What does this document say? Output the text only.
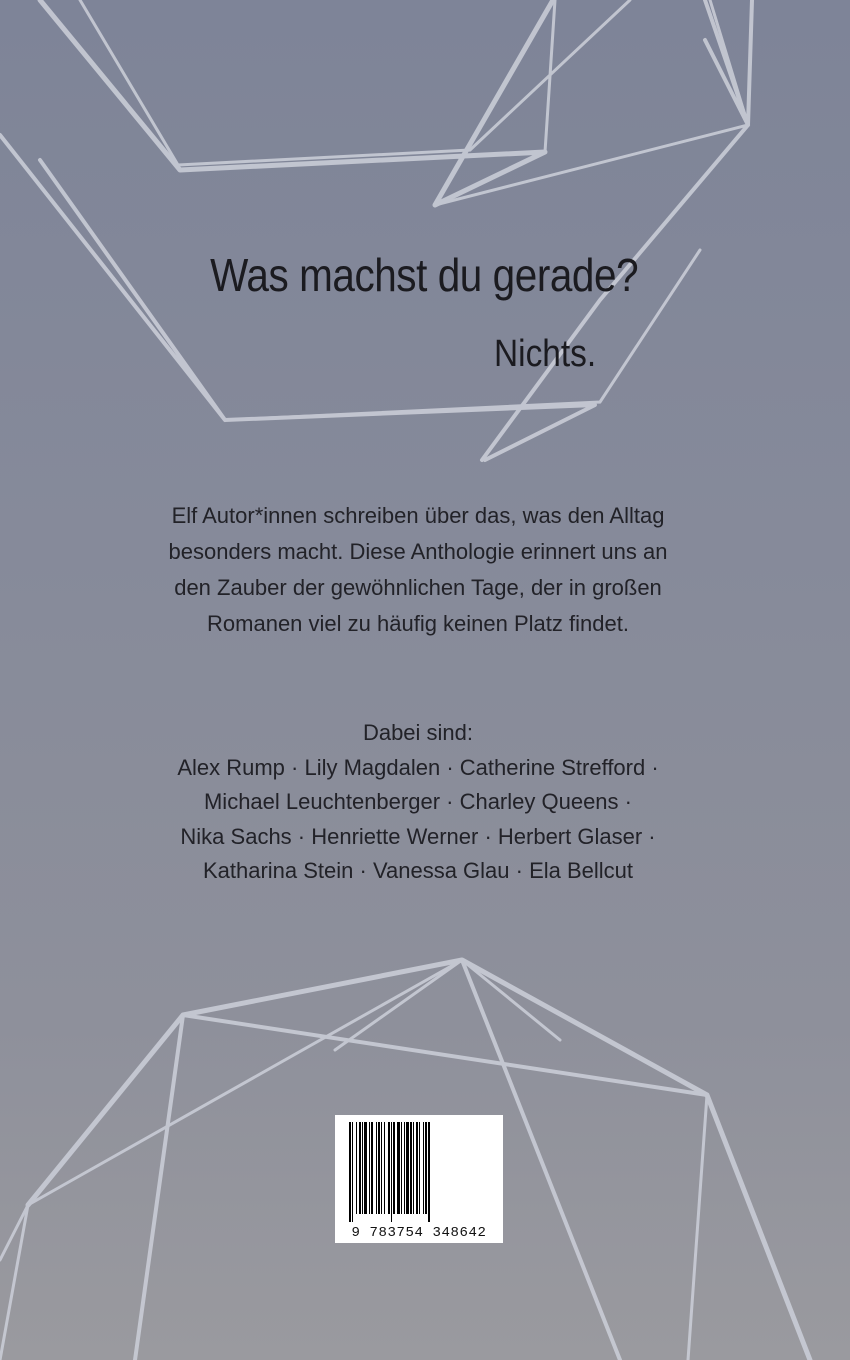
Was machst du gerade?
Nichts.
Elf Autor*innen schreiben über das, was den Alltag
besonders macht. Diese Anthologie erinnert uns an
den Zauber der gewöhnlichen Tage, der in großen
Romanen viel zu häufig keinen Platz findet.
Dabei sind:
Alex Rump · Lily Magdalen · Catherine Strefford ·
Michael Leuchtenberger · Charley Queens ·
Nika Sachs · Henriette Werner · Herbert Glaser ·
Katharina Stein · Vanessa Glau · Ela Bellcut
9 783754 348642
